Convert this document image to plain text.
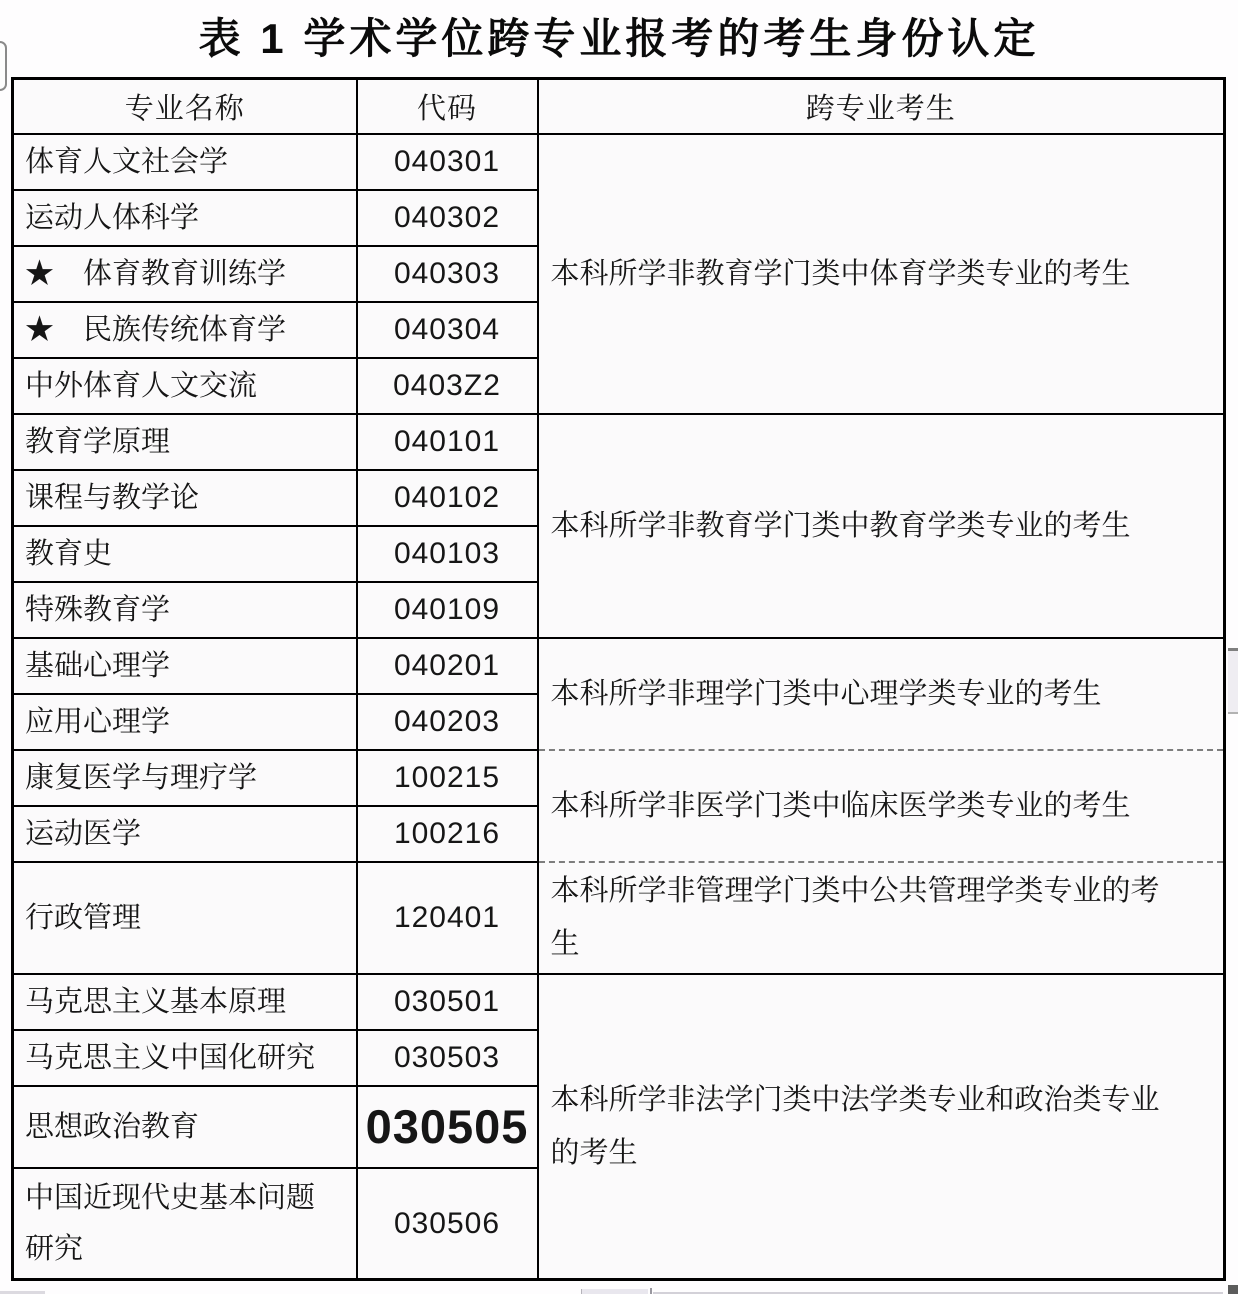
表 1 学术学位跨专业报考的考生身份认定
专业名称	代码	跨专业考生
体育人文社会学	040301	本科所学非教育学门类中体育学类专业的考生
运动人体科学	040302	
★　体育教育训练学	040303	
★　民族传统体育学	040304	
中外体育人文交流	0403Z2	
教育学原理	040101	本科所学非教育学门类中教育学类专业的考生
课程与教学论	040102	
教育史	040103	
特殊教育学	040109	
基础心理学	040201	本科所学非理学门类中心理学类专业的考生
应用心理学	040203	
康复医学与理疗学	100215	本科所学非医学门类中临床医学类专业的考生
运动医学	100216	
行政管理	120401	本科所学非管理学门类中公共管理学类专业的考生
马克思主义基本原理	030501	本科所学非法学门类中法学类专业和政治类专业的考生
马克思主义中国化研究	030503	
思想政治教育	030505	
中国近现代史基本问题研究	030506	
